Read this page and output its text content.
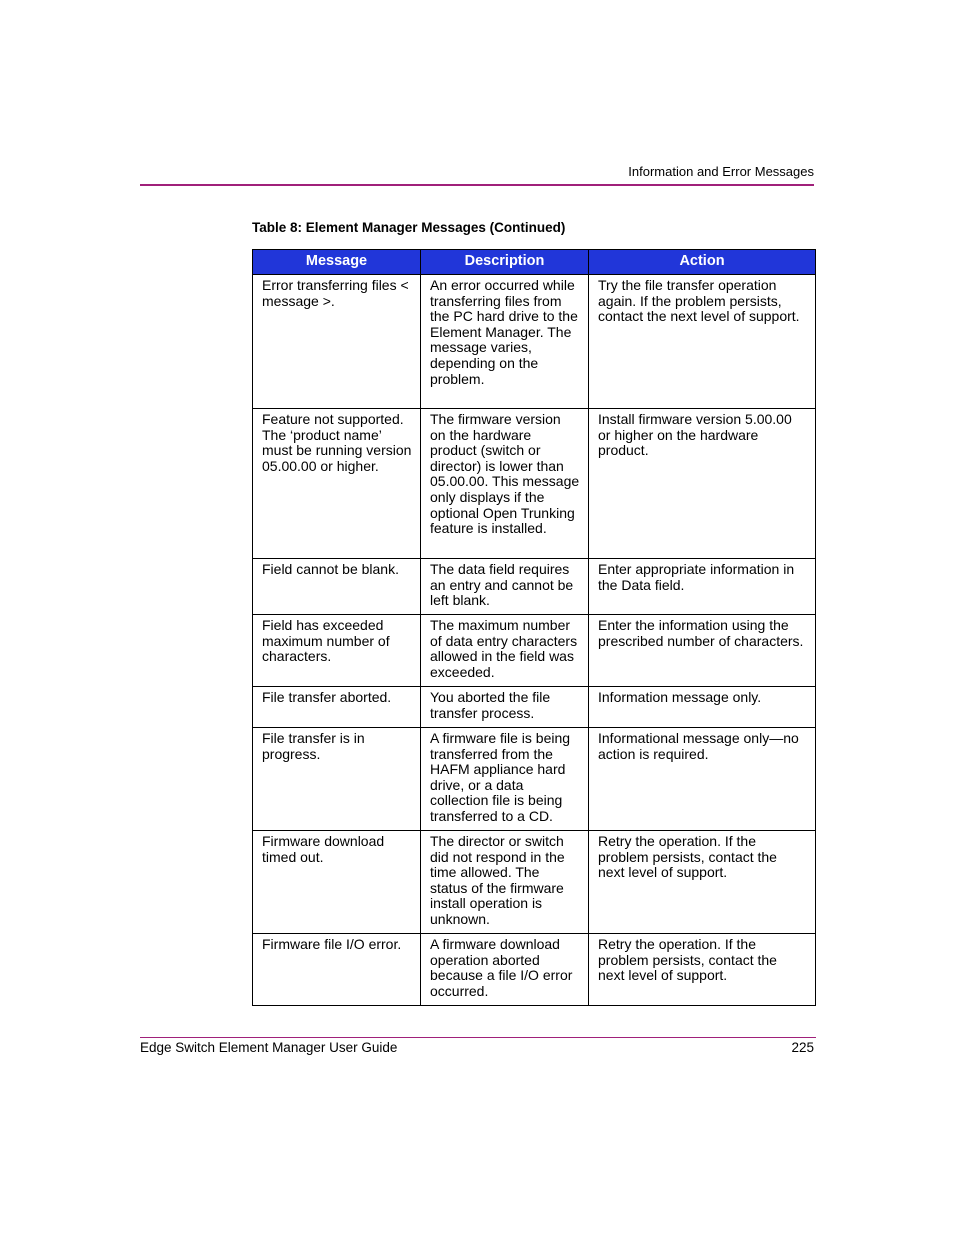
Information and Error Messages
Table 8: Element Manager Messages (Continued)
Message	Description	Action
Error transferring files < message >.	An error occurred while transferring files from the PC hard drive to the Element Manager. The message varies, depending on the problem.	Try the file transfer operation again. If the problem persists, contact the next level of support.
Feature not supported. The ‘product name’ must be running version 05.00.00 or higher.	The firmware version on the hardware product (switch or director) is lower than 05.00.00. This message only displays if the optional Open Trunking feature is installed.	Install firmware version 5.00.00 or higher on the hardware product.
Field cannot be blank.	The data field requires an entry and cannot be left blank.	Enter appropriate information in the Data field.
Field has exceeded maximum number of characters.	The maximum number of data entry characters allowed in the field was exceeded.	Enter the information using the prescribed number of characters.
File transfer aborted.	You aborted the file transfer process.	Information message only.
File transfer is in progress.	A firmware file is being transferred from the HAFM appliance hard drive, or a data collection file is being transferred to a CD.	Informational message only—no action is required.
Firmware download timed out.	The director or switch did not respond in the time allowed. The status of the firmware install operation is unknown.	Retry the operation. If the problem persists, contact the next level of support.
Firmware file I/O error.	A firmware download operation aborted because a file I/O error occurred.	Retry the operation. If the problem persists, contact the next level of support.
Edge Switch Element Manager User Guide	225
